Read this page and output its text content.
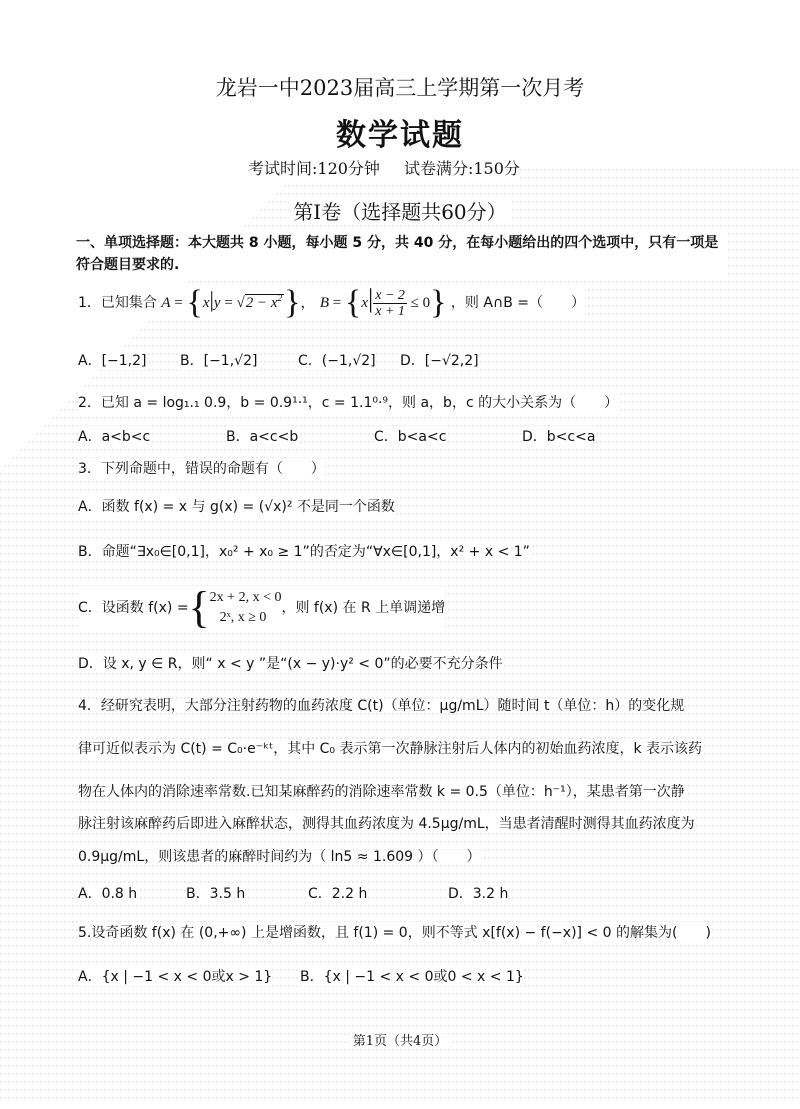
龙岩一中2023届高三上学期第一次月考
数学试题
考试时间:120分钟 试卷满分:150分
第Ⅰ卷（选择题共60分）
一、单项选择题：本大题共 8 小题，每小题 5 分，共 40 分，在每小题给出的四个选项中，只有一项是符合题目要求的.
1．已知集合 $A = \{x|y = √2 - x^2\}$， $B = \{x| \frac{x - 2}{x + 1} \le 0\}$ ，则 A∩B =（　　）
A．[−1,2] B．[−1,√2]	C．(−1,√2] D．[−√2,2]
2．已知 a = log₁.₁ 0.9，b = 0.9¹·¹，c = 1.1⁰·⁹，则 a，b，c 的大小关系为（　　）
A．a<b<c	B．a<c<b	C．b<a<c	D．b<c<a
3．下列命题中，错误的命题有（　　）
A．函数 f(x) = x 与 g(x) = (√x)² 不是同一个函数
B．命题“∃x₀∈[0,1]，x₀² + x₀ ≥ 1”的否定为“∀x∈[0,1]，x² + x < 1”
C．设函数 f(x) ={ 2x + 2, x < 0
2ˣ, x ≥ 0
，则 f(x) 在 R 上单调递增
D．设 x, y ∈ R，则“ x < y ”是“(x − y)·y² < 0”的必要不充分条件
4．经研究表明，大部分注射药物的血药浓度 C(t)（单位：μg/mL）随时间 t（单位：h）的变化规
律可近似表示为 C(t) = C₀·e⁻ᵏᵗ，其中 C₀ 表示第一次静脉注射后人体内的初始血药浓度，k 表示该药
物在人体内的消除速率常数.已知某麻醉药的消除速率常数 k = 0.5（单位：h⁻¹），某患者第一次静
脉注射该麻醉药后即进入麻醉状态，测得其血药浓度为 4.5μg/mL，当患者清醒时测得其血药浓度为
0.9μg/mL，则该患者的麻醉时间约为（ ln5 ≈ 1.609 ）（　　）
A．0.8 h	B．3.5 h	C．2.2 h	D．3.2 h
5.设奇函数 f(x) 在 (0,+∞) 上是增函数，且 f(1) = 0，则不等式 x[f(x) − f(−x)] < 0 的解集为(　　)
A．{x | −1 < x < 0或x > 1} B．{x | −1 < x < 0或0 < x < 1}
第1页（共4页）
